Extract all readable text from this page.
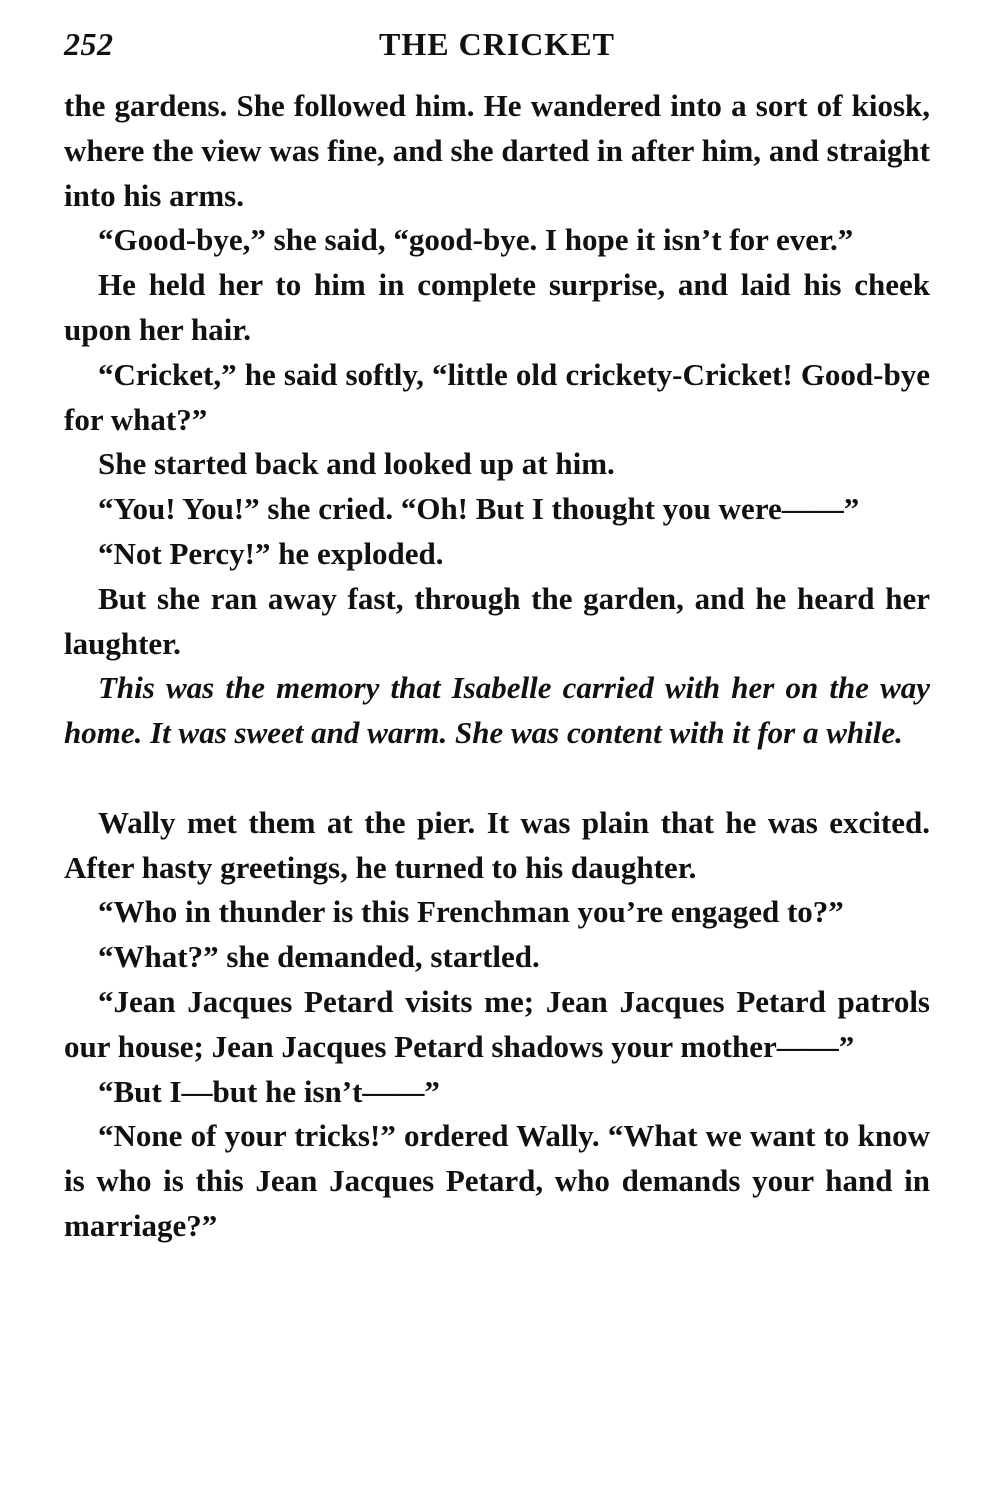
252	THE CRICKET

the gardens. She followed him. He wandered into a sort of kiosk, where the view was fine, and she darted in after him, and straight into his arms.

“Good-bye,” she said, “good-bye. I hope it isn’t for ever.”

He held her to him in complete surprise, and laid his cheek upon her hair.

“Cricket,” he said softly, “little old crickety-Cricket! Good-bye for what?”

She started back and looked up at him.

“You! You!” she cried. “Oh! But I thought you were——”

“Not Percy!” he exploded.

But she ran away fast, through the garden, and he heard her laughter.

This was the memory that Isabelle carried with her on the way home. It was sweet and warm. She was content with it for a while.

Wally met them at the pier. It was plain that he was excited. After hasty greetings, he turned to his daughter.

“Who in thunder is this Frenchman you’re engaged to?”

“What?” she demanded, startled.

“Jean Jacques Petard visits me; Jean Jacques Petard patrols our house; Jean Jacques Petard shadows your mother——”

“But I—but he isn’t——”

“None of your tricks!” ordered Wally. “What we want to know is who is this Jean Jacques Petard, who demands your hand in marriage?”
